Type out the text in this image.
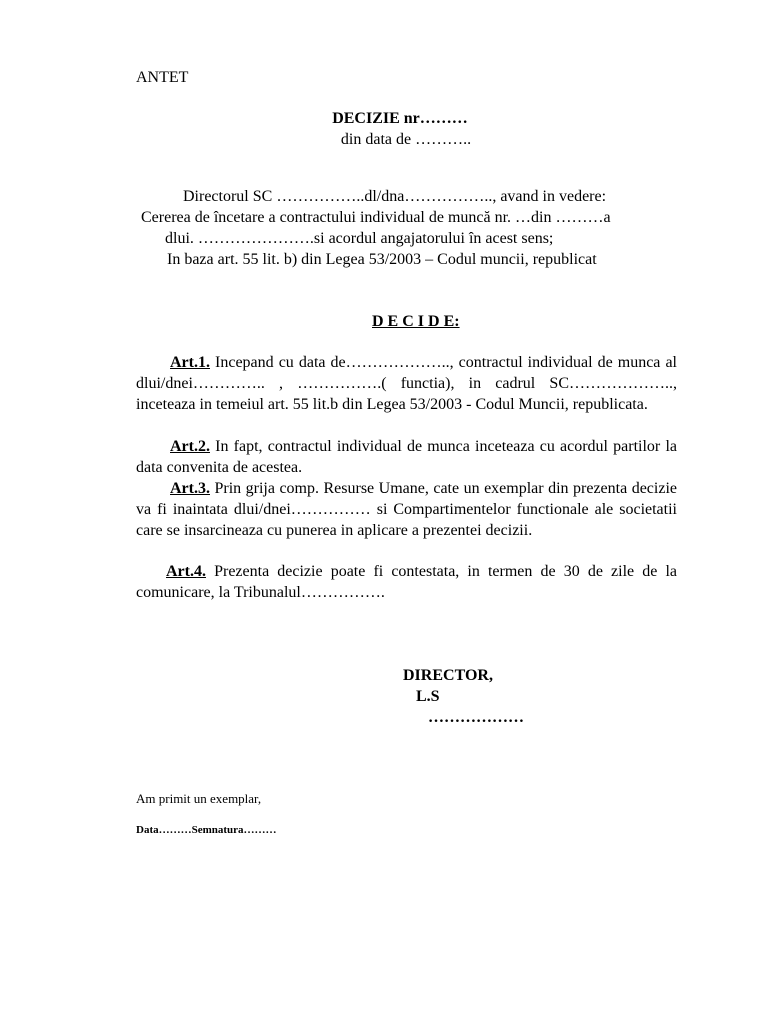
ANTET
DECIZIE nr………
din data de ………..
Directorul SC ……………..dl/dna…………….., avand in vedere:
Cererea de încetare a contractului individual de muncă nr. …din ………a
dlui. ………………….si acordul angajatorului în acest sens;
In baza art. 55 lit. b) din Legea 53/2003 – Codul muncii, republicat
D E C I D E:
Art.1. Incepand cu data de……………….., contractul individual de munca al dlui/dnei………….. , …………….( functia), in cadrul SC……………….., inceteaza in temeiul art. 55 lit.b din Legea 53/2003 - Codul Muncii, republicata.
Art.2. In fapt, contractul individual de munca inceteaza cu acordul partilor la data convenita de acestea.
Art.3. Prin grija comp. Resurse Umane, cate un exemplar din prezenta decizie va fi inaintata dlui/dnei…………… si Compartimentelor functionale ale societatii care se insarcineaza cu punerea in aplicare a prezentei decizii.
Art.4. Prezenta decizie poate fi contestata, in termen de 30 de zile de la comunicare, la Tribunalul…………….
DIRECTOR,
L.S
………………
Am primit un exemplar,
Data………Semnatura………
